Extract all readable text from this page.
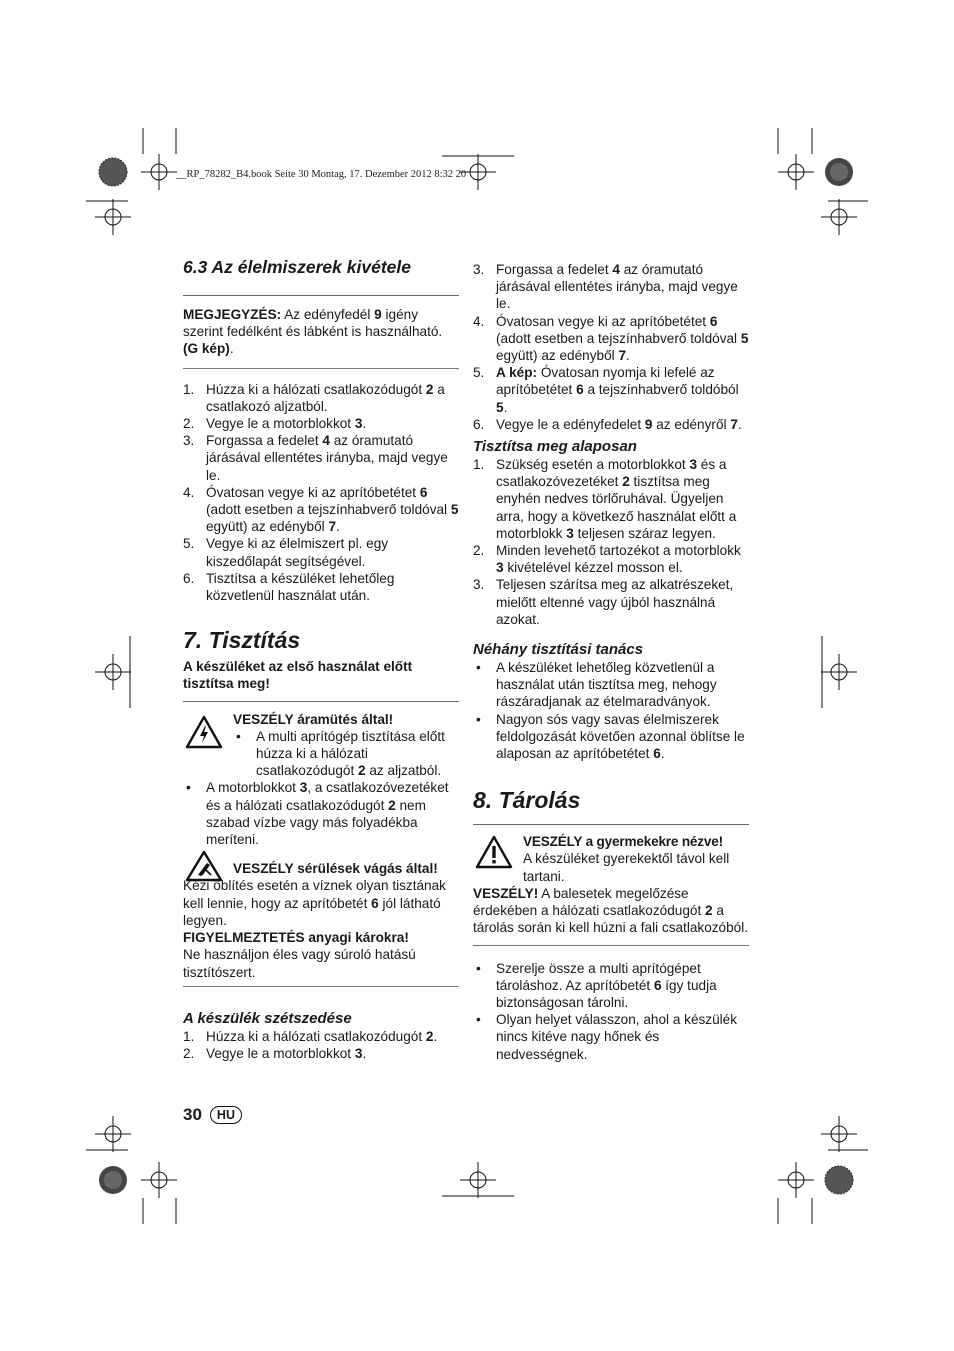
__RP_78282_B4.book Seite 30 Montag, 17. Dezember 2012 8:32 20
6.3 Az élelmiszerek kivétele

MEGJEGYZÉS: Az edényfedél 9 igény szerint fedélként és lábként is használható. (G kép).

1. Húzza ki a hálózati csatlakozódugót 2 a csatlakozó aljzatból.
2. Vegye le a motorblokkot 3.
3. Forgassa a fedelet 4 az óramutató járásával ellentétes irányba, majd vegye le.
4. Óvatosan vegye ki az aprítóbetétet 6 (adott esetben a tejszínhabverő toldóval 5 együtt) az edényből 7.
5. Vegye ki az élelmiszert pl. egy kiszedőlapát segítségével.
6. Tisztítsa a készüléket lehetőleg közvetlenül használat után.
7. Tisztítás

A készüléket az első használat előtt tisztítsa meg!

VESZÉLY áramütés által!

• A multi aprítógép tisztítása előtt húzza ki a hálózati csatlakozódugót 2 az aljzatból.
• A motorblokkot 3, a csatlakozóvezetéket és a hálózati csatlakozódugót 2 nem szabad vízbe vagy más folyadékba meríteni.

VESZÉLY sérülések vágás által!

Kézi öblítés esetén a víznek olyan tisztának kell lennie, hogy az aprítóbetét 6 jól látható legyen.

FIGYELMEZTETÉS anyagi károkra!

Ne használjon éles vagy súroló hatású tisztítószert.

A készülék szétszedése
1. Húzza ki a hálózati csatlakozódugót 2.
2. Vegye le a motorblokkot 3.
3. Forgassa a fedelet 4 az óramutató járásával ellentétes irányba, majd vegye le.
4. Óvatosan vegye ki az aprítóbetétet 6 (adott esetben a tejszínhabverő toldóval 5 együtt) az edényből 7.
5. A kép: Óvatosan nyomja ki lefelé az aprítóbetétet 6 a tejszínhabverő toldóból 5.
6. Vegye le a edényfedelet 9 az edényről 7.
Tisztítsa meg alaposan
1. Szükség esetén a motorblokkot 3 és a csatlakozóvezetéket 2 tisztítsa meg enyhén nedves törlőruhával. Ügyeljen arra, hogy a következő használat előtt a motorblokk 3 teljesen száraz legyen.
2. Minden levehető tartozékot a motorblokk 3 kivételével kézzel mosson el.
3. Teljesen szárítsa meg az alkatrészeket, mielőtt eltenné vagy újból használná azokat.
Néhány tisztítási tanács
• A készüléket lehetőleg közvetlenül a használat után tisztítsa meg, nehogy rászáradjanak az ételmaradványok.
• Nagyon sós vagy savas élelmiszerek feldolgozását követően azonnal öblítse le alaposan az aprítóbetétet 6.
8. Tárolás

VESZÉLY a gyermekekre nézve!

A készüléket gyerekektől távol kell tartani.

VESZÉLY! A balesetek megelőzése érdekében a hálózati csatlakozódugót 2 a tárolás során ki kell húzni a fali csatlakozóból.

• Szerelje össze a multi aprítógépet tároláshoz. Az aprítóbetét 6 így tudja biztonságosan tárolni.
• Olyan helyet válasszon, ahol a készülék nincs kitéve nagy hőnek és nedvességnek.
30	HU
